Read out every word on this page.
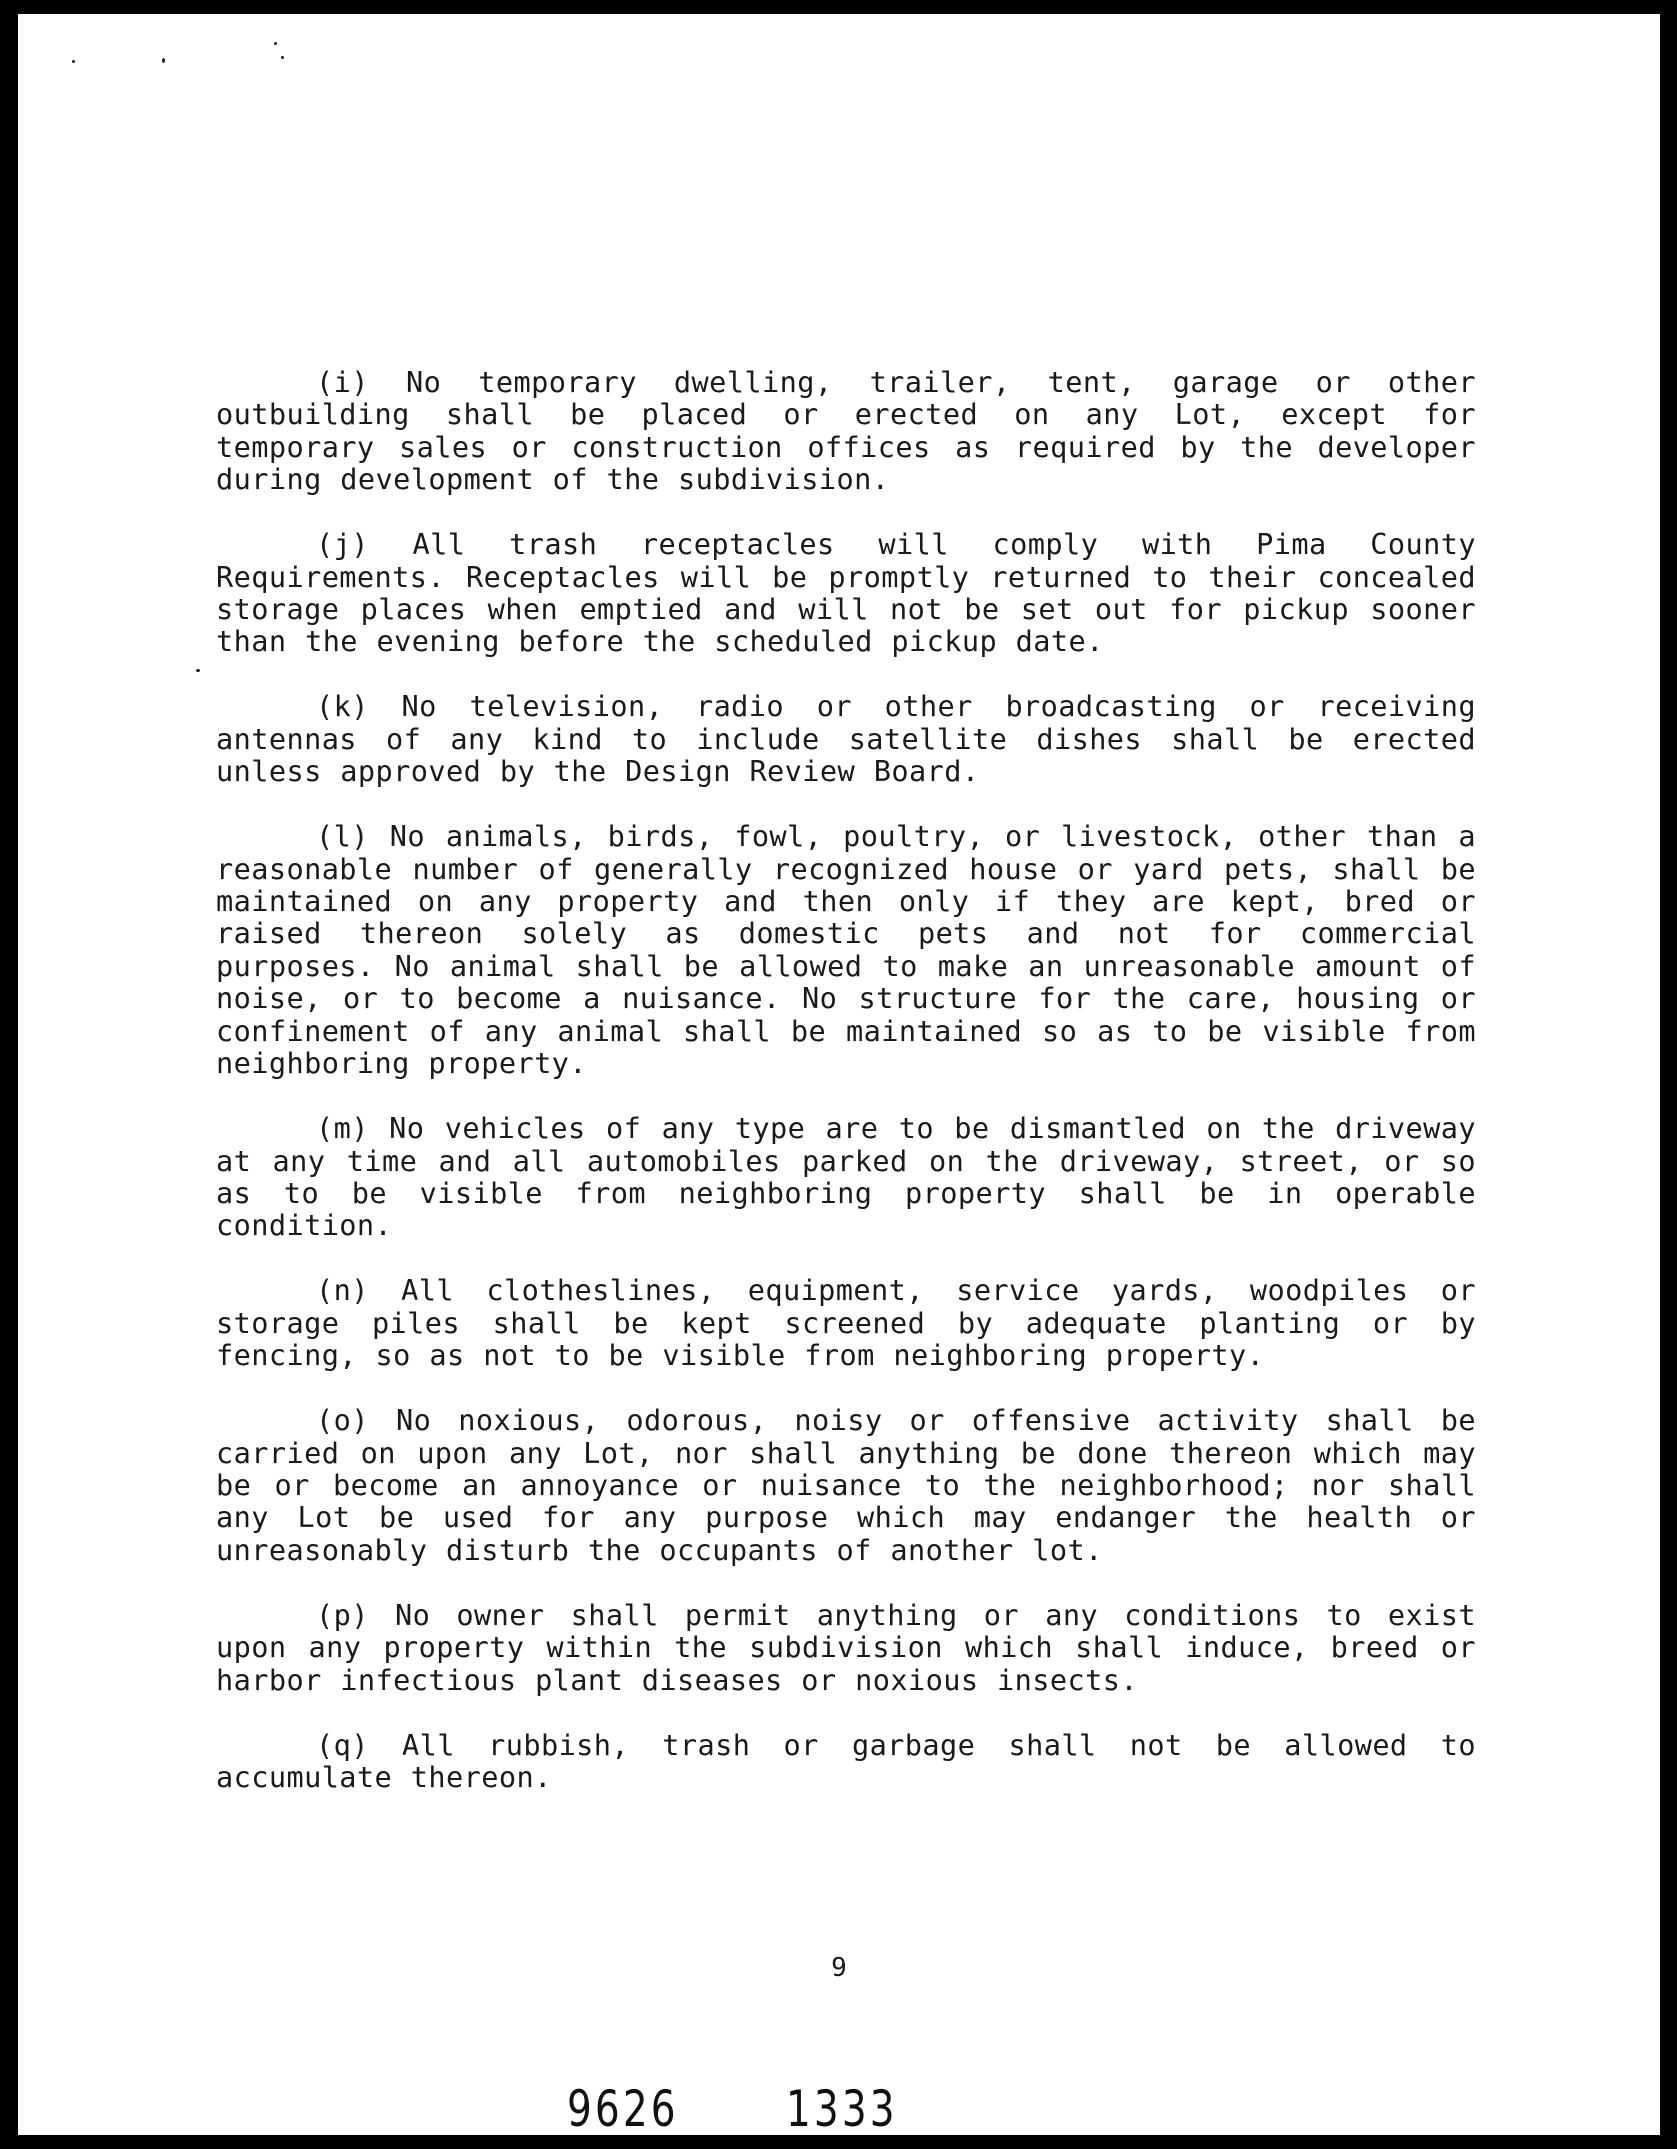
(i) No temporary dwelling, trailer, tent, garage or other outbuilding shall be placed or erected on any Lot, except for temporary sales or construction offices as required by the developer during development of the subdivision.

(j) All trash receptacles will comply with Pima County Requirements. Receptacles will be promptly returned to their concealed storage places when emptied and will not be set out for pickup sooner than the evening before the scheduled pickup date.

(k) No television, radio or other broadcasting or receiving antennas of any kind to include satellite dishes shall be erected unless approved by the Design Review Board.

(l) No animals, birds, fowl, poultry, or livestock, other than a reasonable number of generally recognized house or yard pets, shall be maintained on any property and then only if they are kept, bred or raised thereon solely as domestic pets and not for commercial purposes. No animal shall be allowed to make an unreasonable amount of noise, or to become a nuisance. No structure for the care, housing or confinement of any animal shall be maintained so as to be visible from neighboring property.

(m) No vehicles of any type are to be dismantled on the driveway at any time and all automobiles parked on the driveway, street, or so as to be visible from neighboring property shall be in operable condition.

(n) All clotheslines, equipment, service yards, woodpiles or storage piles shall be kept screened by adequate planting or by fencing, so as not to be visible from neighboring property.

(o) No noxious, odorous, noisy or offensive activity shall be carried on upon any Lot, nor shall anything be done thereon which may be or become an annoyance or nuisance to the neighborhood; nor shall any Lot be used for any purpose which may endanger the health or unreasonably disturb the occupants of another lot.

(p) No owner shall permit anything or any conditions to exist upon any property within the subdivision which shall induce, breed or harbor infectious plant diseases or noxious insects.

(q) All rubbish, trash or garbage shall not be allowed to accumulate thereon.

9
9626 1333
